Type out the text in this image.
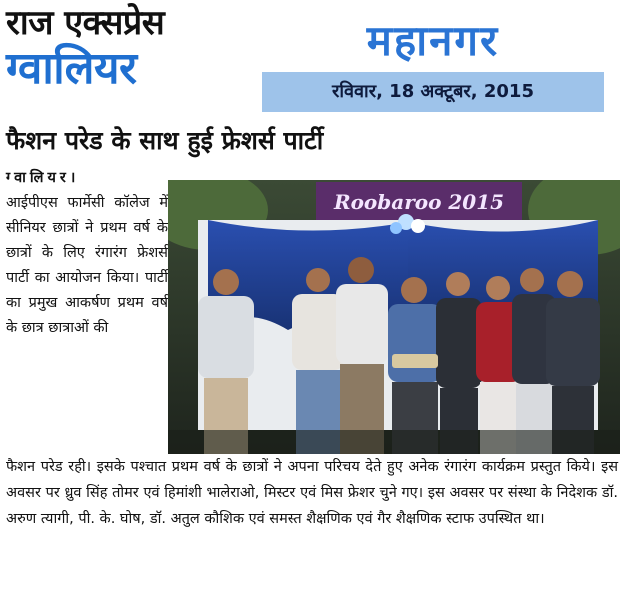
राज एक्सप्रेस
ग्वालियर
महानगर
रविवार, 18 अक्टूबर, 2015
फैशन परेड के साथ हुई फ्रेशर्स पार्टी
ग्वालियर।
आईपीएस फार्मेसी कॉलेज में सीनियर छात्रों ने प्रथम वर्ष के छात्रों के लिए रंगारंग फ्रेशर्स पार्टी का आयोजन किया। पार्टी का प्रमुख आकर्षण प्रथम वर्ष के छात्र छात्राओं की
Roobaroo 2015
फैशन परेड रही। इसके पश्चात प्रथम वर्ष के छात्रों ने अपना परिचय देते हुए अनेक रंगारंग कार्यक्रम प्रस्तुत किये। इस अवसर पर ध्रुव सिंह तोमर एवं हिमांशी भालेराओ, मिस्टर एवं मिस फ्रेशर चुने गए। इस अवसर पर संस्था के निदेशक डॉ. अरुण त्यागी, पी. के. घोष, डॉ. अतुल कौशिक एवं समस्त शैक्षणिक एवं गैर शैक्षणिक स्टाफ उपस्थित था।
